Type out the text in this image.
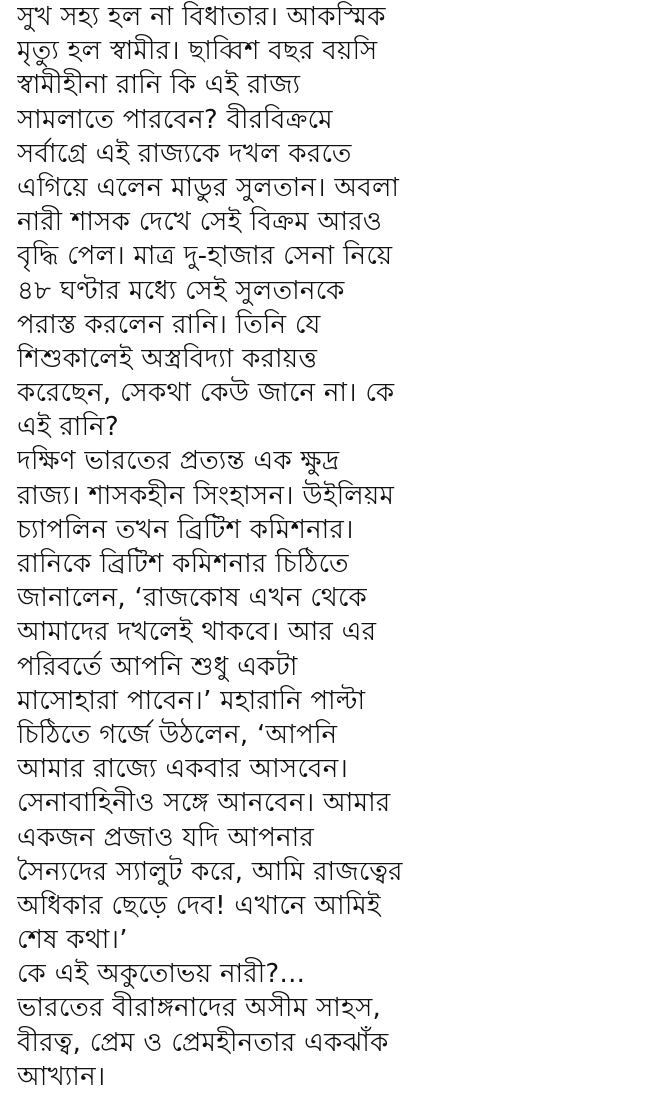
সুখ সহ্য হল না বিধাতার। আকস্মিক
মৃত্যু হল স্বামীর। ছাব্বিশ বছর বয়সি
স্বামীহীনা রানি কি এই রাজ্য
সামলাতে পারবেন? বীরবিক্রমে
সর্বাগ্রে এই রাজ্যকে দখল করতে
এগিয়ে এলেন মাডুর সুলতান। অবলা
নারী শাসক দেখে সেই বিক্রম আরও
বৃদ্ধি পেল। মাত্র দু-হাজার সেনা নিয়ে
৪৮ ঘণ্টার মধ্যে সেই সুলতানকে
পরাস্ত করলেন রানি। তিনি যে
শিশুকালেই অস্ত্রবিদ্যা করায়ত্ত
করেছেন, সেকথা কেউ জানে না। কে
এই রানি?
দক্ষিণ ভারতের প্রত্যন্ত এক ক্ষুদ্র
রাজ্য। শাসকহীন সিংহাসন। উইলিয়ম
চ্যাপলিন তখন ব্রিটিশ কমিশনার।
রানিকে ব্রিটিশ কমিশনার চিঠিতে
জানালেন, ‘রাজকোষ এখন থেকে
আমাদের দখলেই থাকবে। আর এর
পরিবর্তে আপনি শুধু একটা
মাসোহারা পাবেন।’ মহারানি পাল্টা
চিঠিতে গর্জে উঠলেন, ‘আপনি
আমার রাজ্যে একবার আসবেন।
সেনাবাহিনীও সঙ্গে আনবেন। আমার
একজন প্রজাও যদি আপনার
সৈন্যদের স্যালুট করে, আমি রাজত্বের
অধিকার ছেড়ে দেব! এখানে আমিই
শেষ কথা।’
কে এই অকুতোভয় নারী?...
ভারতের বীরাঙ্গনাদের অসীম সাহস,
বীরত্ব, প্রেম ও প্রেমহীনতার একঝাঁক
আখ্যান।
